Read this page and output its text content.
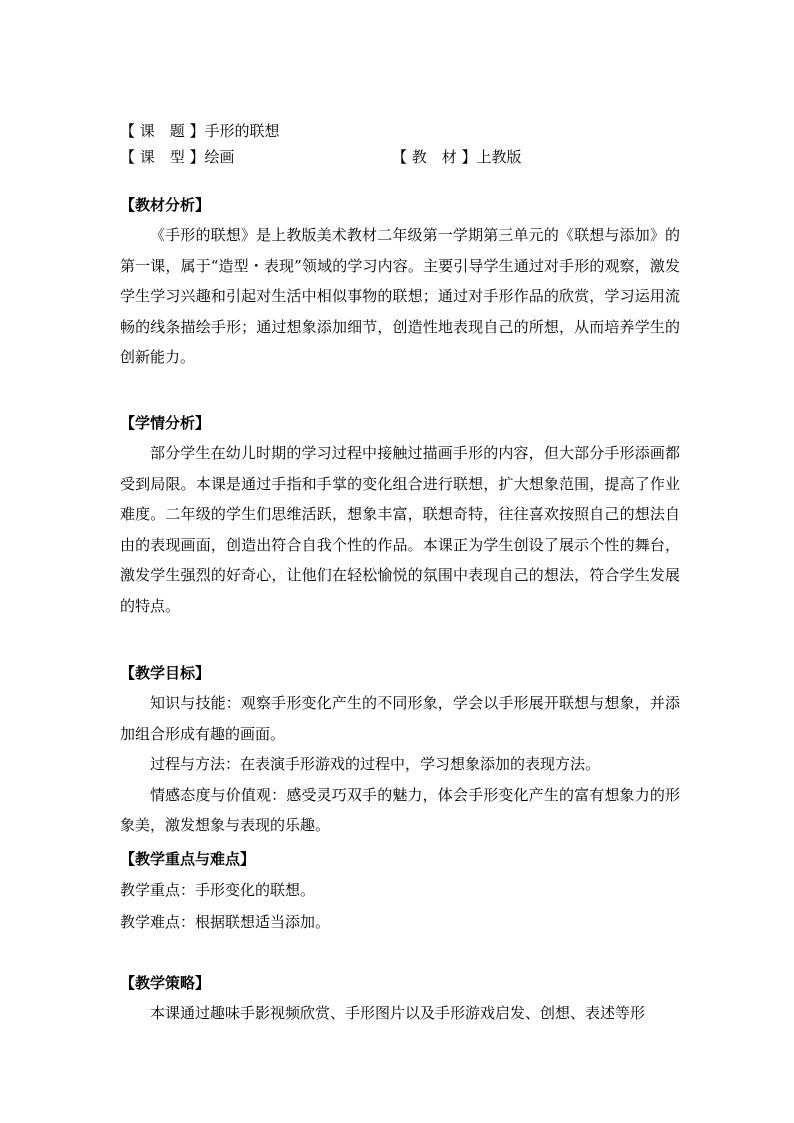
【 课　题 】手形的联想
【 课　型 】绘画	【 教　材 】上教版
【教材分析】
《手形的联想》是上教版美术教材二年级第一学期第三单元的《联想与添加》的第一课，属于“造型・表现”领域的学习内容。主要引导学生通过对手形的观察，激发学生学习兴趣和引起对生活中相似事物的联想；通过对手形作品的欣赏，学习运用流畅的线条描绘手形；通过想象添加细节，创造性地表现自己的所想，从而培养学生的创新能力。
【学情分析】
部分学生在幼儿时期的学习过程中接触过描画手形的内容，但大部分手形添画都受到局限。本课是通过手指和手掌的变化组合进行联想，扩大想象范围，提高了作业难度。二年级的学生们思维活跃，想象丰富，联想奇特，往往喜欢按照自己的想法自由的表现画面，创造出符合自我个性的作品。本课正为学生创设了展示个性的舞台，激发学生强烈的好奇心，让他们在轻松愉悦的氛围中表现自己的想法，符合学生发展的特点。
【教学目标】
知识与技能：观察手形变化产生的不同形象，学会以手形展开联想与想象，并添加组合形成有趣的画面。
过程与方法：在表演手形游戏的过程中，学习想象添加的表现方法。
情感态度与价值观：感受灵巧双手的魅力，体会手形变化产生的富有想象力的形象美，激发想象与表现的乐趣。
【教学重点与难点】
教学重点：手形变化的联想。
教学难点：根据联想适当添加。
【教学策略】
本课通过趣味手影视频欣赏、手形图片以及手形游戏启发、创想、表述等形
